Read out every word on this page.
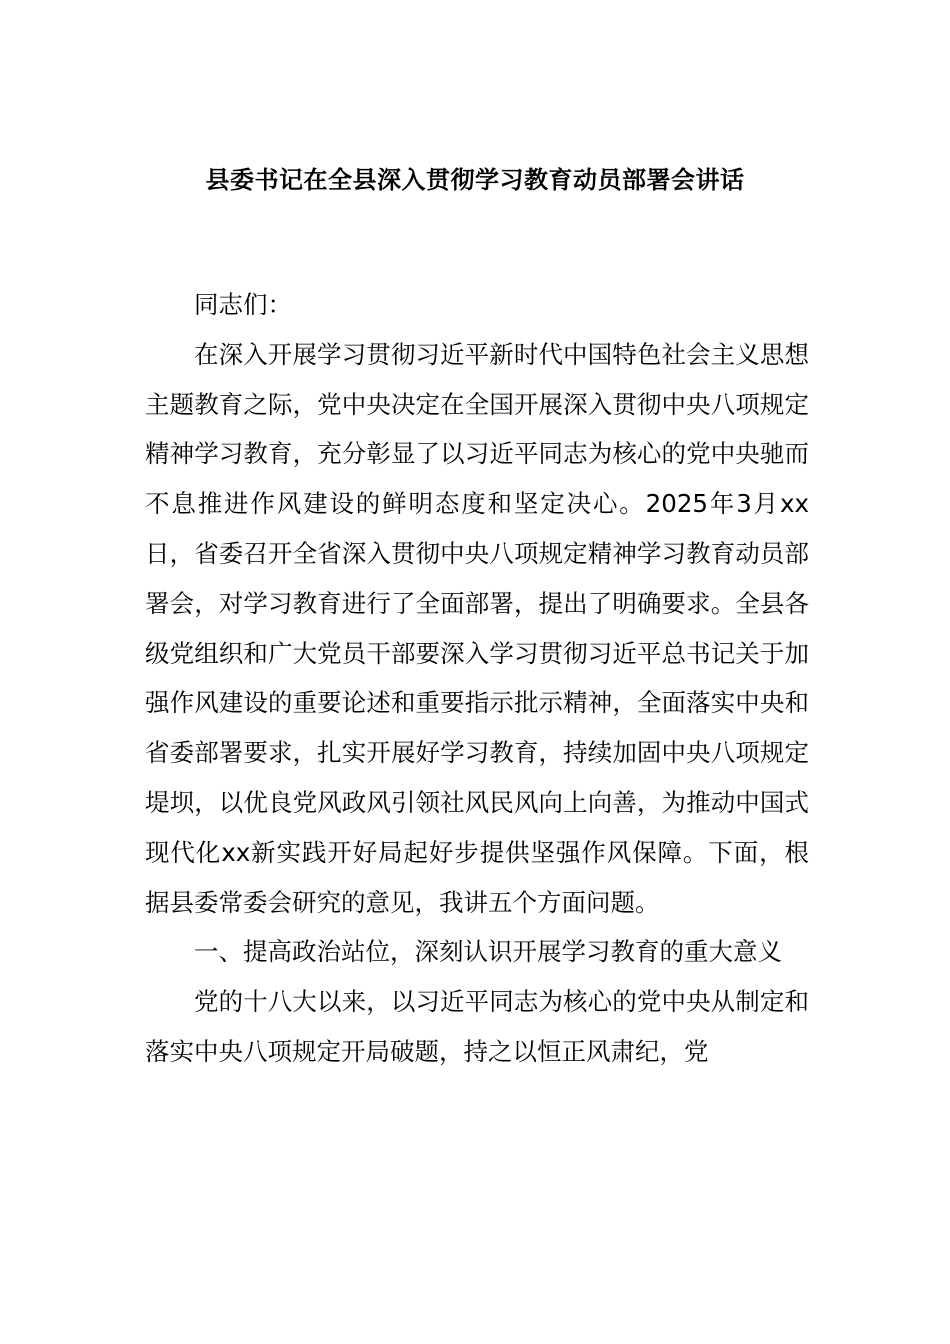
县委书记在全县深入贯彻学习教育动员部署会讲话

同志们：

在深入开展学习贯彻习近平新时代中国特色社会主义思想主题教育之际，党中央决定在全国开展深入贯彻中央八项规定精神学习教育，充分彰显了以习近平同志为核心的党中央驰而不息推进作风建设的鲜明态度和坚定决心。2025年3月xx日，省委召开全省深入贯彻中央八项规定精神学习教育动员部署会，对学习教育进行了全面部署，提出了明确要求。全县各级党组织和广大党员干部要深入学习贯彻习近平总书记关于加强作风建设的重要论述和重要指示批示精神，全面落实中央和省委部署要求，扎实开展好学习教育，持续加固中央八项规定堤坝，以优良党风政风引领社风民风向上向善，为推动中国式现代化xx新实践开好局起好步提供坚强作风保障。下面，根据县委常委会研究的意见，我讲五个方面问题。

一、提高政治站位，深刻认识开展学习教育的重大意义

党的十八大以来，以习近平同志为核心的党中央从制定和落实中央八项规定开局破题，持之以恒正风肃纪，党
